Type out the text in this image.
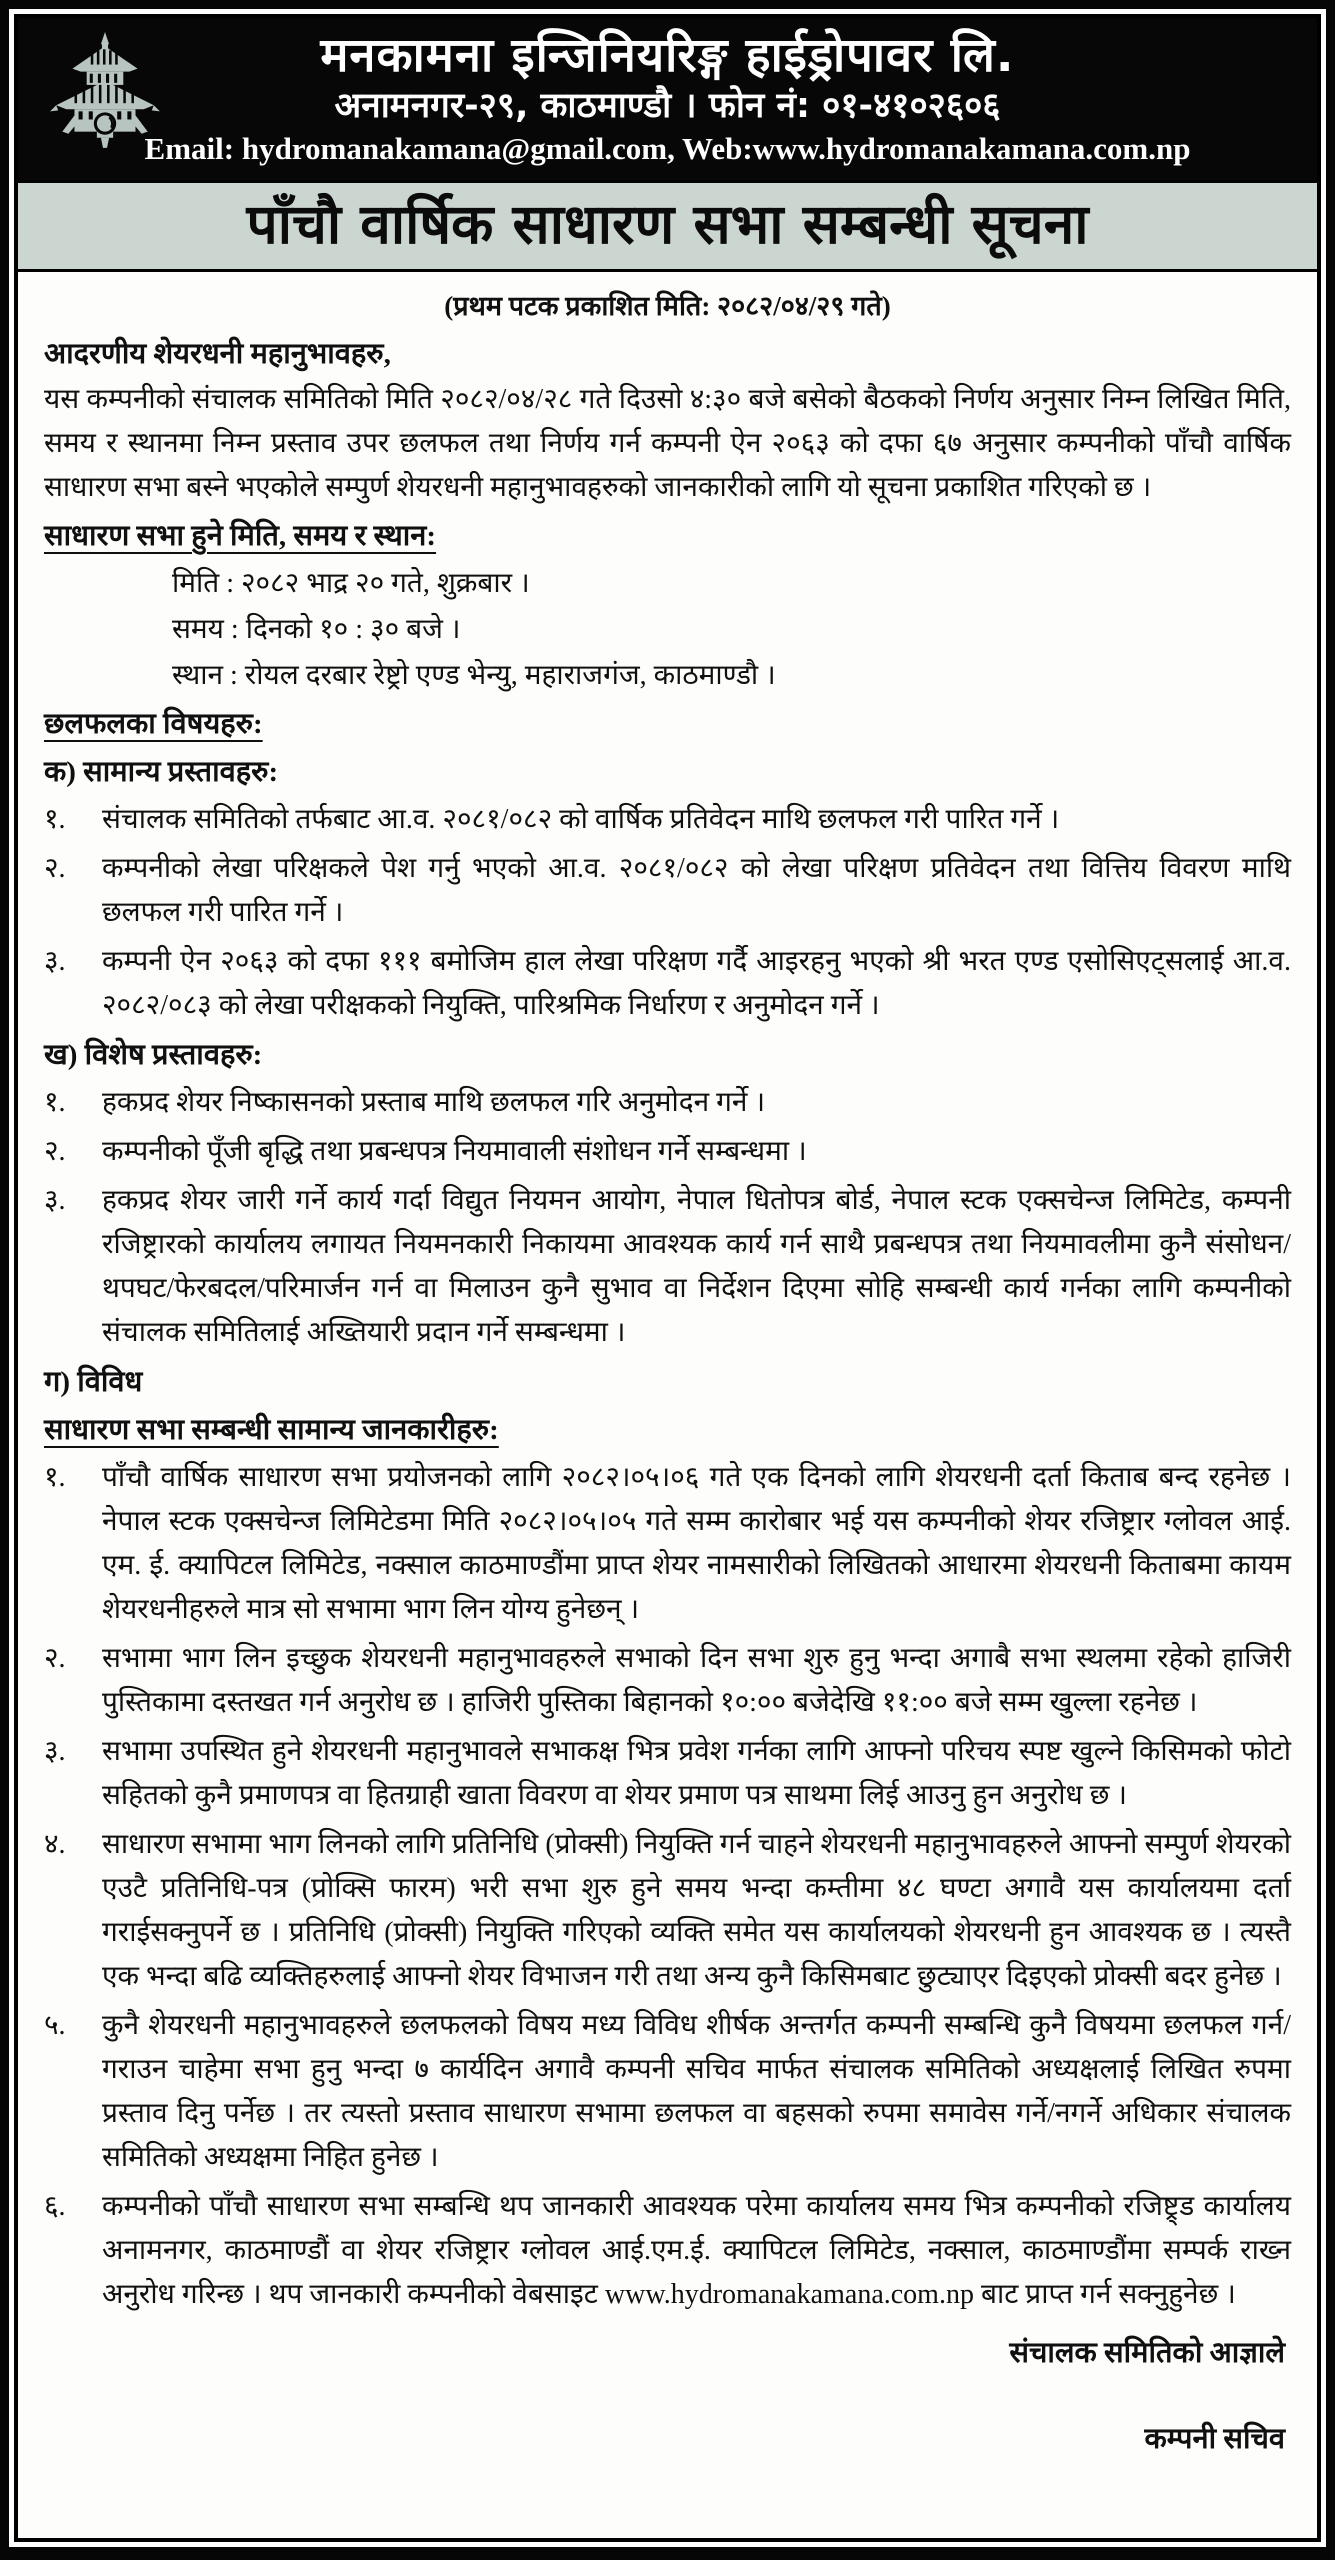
मनकामना इन्जिनियरिङ्ग हाईड्रोपावर लि.
अनामनगर-२९, काठमाण्डौ । फोन नं: ०१-४१०२६०६
Email: hydromanakamana@gmail.com, Web:www.hydromanakamana.com.np
पाँचौ वार्षिक साधारण सभा सम्बन्धी सूचना
(प्रथम पटक प्रकाशित मिति: २०८२/०४/२९ गते)
आदरणीय शेयरधनी महानुभावहरु,
यस कम्पनीको संचालक समितिको मिति २०८२/०४/२८ गते दिउसो ४:३० बजे बसेको बैठकको निर्णय अनुसार निम्न लिखित मिति, समय र स्थानमा निम्न प्रस्ताव उपर छलफल तथा निर्णय गर्न कम्पनी ऐन २०६३ को दफा ६७ अनुसार कम्पनीको पाँचौ वार्षिक साधारण सभा बस्ने भएकोले सम्पुर्ण शेयरधनी महानुभावहरुको जानकारीको लागि यो सूचना प्रकाशित गरिएको छ ।
साधारण सभा हुने मिति, समय र स्थान:
मिति : २०८२ भाद्र २० गते, शुक्रबार ।
समय : दिनको १० : ३० बजे ।
स्थान : रोयल दरबार रेष्ट्रो एण्ड भेन्यु, महाराजगंज, काठमाण्डौ ।
छलफलका विषयहरु:
क) सामान्य प्रस्तावहरु:
१.	संचालक समितिको तर्फबाट आ.व. २०८१/०८२ को वार्षिक प्रतिवेदन माथि छलफल गरी पारित गर्ने ।
२.	कम्पनीको लेखा परिक्षकले पेश गर्नु भएको आ.व. २०८१/०८२ को लेखा परिक्षण प्रतिवेदन तथा वित्तिय विवरण माथि छलफल गरी पारित गर्ने ।
३.	कम्पनी ऐन २०६३ को दफा १११ बमोजिम हाल लेखा परिक्षण गर्दै आइरहनु भएको श्री भरत एण्ड एसोसिएट्सलाई आ.व. २०८२/०८३ को लेखा परीक्षकको नियुक्ति, पारिश्रमिक निर्धारण र अनुमोदन गर्ने ।
ख) विशेष प्रस्तावहरु:
१.	हकप्रद शेयर निष्कासनको प्रस्ताब माथि छलफल गरि अनुमोदन गर्ने ।
२.	कम्पनीको पूँजी बृद्धि तथा प्रबन्धपत्र नियमावाली संशोधन गर्ने सम्बन्धमा ।
३.	हकप्रद शेयर जारी गर्ने कार्य गर्दा विद्युत नियमन आयोग, नेपाल धितोपत्र बोर्ड, नेपाल स्टक एक्सचेन्ज लिमिटेड, कम्पनी रजिष्ट्रारको कार्यालय लगायत नियमनकारी निकायमा आवश्यक कार्य गर्न साथै प्रबन्धपत्र तथा नियमावलीमा कुनै संसोधन/थपघट/फेरबदल/परिमार्जन गर्न वा मिलाउन कुनै सुभाव वा निर्देशन दिएमा सोहि सम्बन्धी कार्य गर्नका लागि कम्पनीको संचालक समितिलाई अख्तियारी प्रदान गर्ने सम्बन्धमा ।
ग) विविध
साधारण सभा सम्बन्धी सामान्य जानकारीहरु:
१.	पाँचौ वार्षिक साधारण सभा प्रयोजनको लागि २०८२।०५।०६ गते एक दिनको लागि शेयरधनी दर्ता किताब बन्द रहनेछ । नेपाल स्टक एक्सचेन्ज लिमिटेडमा मिति २०८२।०५।०५ गते सम्म कारोबार भई यस कम्पनीको शेयर रजिष्ट्रार ग्लोवल आई. एम. ई. क्यापिटल लिमिटेड, नक्साल काठमाण्डौंमा प्राप्त शेयर नामसारीको लिखितको आधारमा शेयरधनी किताबमा कायम शेयरधनीहरुले मात्र सो सभामा भाग लिन योग्य हुनेछन् ।
२.	सभामा भाग लिन इच्छुक शेयरधनी महानुभावहरुले सभाको दिन सभा शुरु हुनु भन्दा अगाबै सभा स्थलमा रहेको हाजिरी पुस्तिकामा दस्तखत गर्न अनुरोध छ । हाजिरी पुस्तिका बिहानको १०:०० बजेदेखि ११:०० बजे सम्म खुल्ला रहनेछ ।
३.	सभामा उपस्थित हुने शेयरधनी महानुभावले सभाकक्ष भित्र प्रवेश गर्नका लागि आफ्नो परिचय स्पष्ट खुल्ने किसिमको फोटो सहितको कुनै प्रमाणपत्र वा हितग्राही खाता विवरण वा शेयर प्रमाण पत्र साथमा लिई आउनु हुन अनुरोध छ ।
४.	साधारण सभामा भाग लिनको लागि प्रतिनिधि (प्रोक्सी) नियुक्ति गर्न चाहने शेयरधनी महानुभावहरुले आफ्नो सम्पुर्ण शेयरको एउटै प्रतिनिधि-पत्र (प्रोक्सि फारम) भरी सभा शुरु हुने समय भन्दा कम्तीमा ४८ घण्टा अगावै यस कार्यालयमा दर्ता गराईसक्नुपर्ने छ । प्रतिनिधि (प्रोक्सी) नियुक्ति गरिएको व्यक्ति समेत यस कार्यालयको शेयरधनी हुन आवश्यक छ । त्यस्तै एक भन्दा बढि व्यक्तिहरुलाई आफ्नो शेयर विभाजन गरी तथा अन्य कुनै किसिमबाट छुट्याएर दिइएको प्रोक्सी बदर हुनेछ ।
५.	कुनै शेयरधनी महानुभावहरुले छलफलको विषय मध्य विविध शीर्षक अन्तर्गत कम्पनी सम्बन्धि कुनै विषयमा छलफल गर्न/गराउन चाहेमा सभा हुनु भन्दा ७ कार्यदिन अगावै कम्पनी सचिव मार्फत संचालक समितिको अध्यक्षलाई लिखित रुपमा प्रस्ताव दिनु पर्नेछ । तर त्यस्तो प्रस्ताव साधारण सभामा छलफल वा बहसको रुपमा समावेस गर्ने/नगर्ने अधिकार संचालक समितिको अध्यक्षमा निहित हुनेछ ।
६.	कम्पनीको पाँचौ साधारण सभा सम्बन्धि थप जानकारी आवश्यक परेमा कार्यालय समय भित्र कम्पनीको रजिष्ट्र्ड कार्यालय अनामनगर, काठमाण्डौं वा शेयर रजिष्ट्रार ग्लोवल आई.एम.ई. क्यापिटल लिमिटेड, नक्साल, काठमाण्डौंमा सम्पर्क राख्न अनुरोध गरिन्छ । थप जानकारी कम्पनीको वेबसाइट www.hydromanakamana.com.np बाट प्राप्त गर्न सक्नुहुनेछ ।
संचालक समितिको आज्ञाले
कम्पनी सचिव
